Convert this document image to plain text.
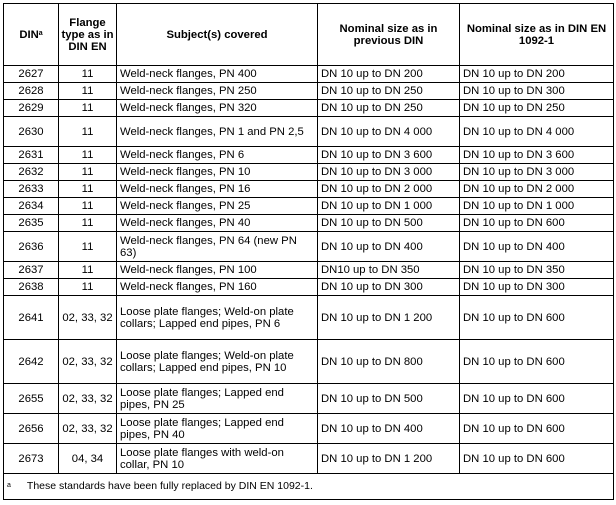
DIN$^a$	Flange type as in DIN EN	Subject(s) covered	Nominal size as in previous DIN	Nominal size as in DIN EN 1092-1
2627	11	Weld-neck flanges, PN 400	DN 10 up to DN 200	DN 10 up to DN 200
2628	11	Weld-neck flanges, PN 250	DN 10 up to DN 250	DN 10 up to DN 300
2629	11	Weld-neck flanges, PN 320	DN 10 up to DN 250	DN 10 up to DN 250
2630	11	Weld-neck flanges, PN 1 and PN 2,5	DN 10 up to DN 4 000	DN 10 up to DN 4 000
2631	11	Weld-neck flanges, PN 6	DN 10 up to DN 3 600	DN 10 up to DN 3 600
2632	11	Weld-neck flanges, PN 10	DN 10 up to DN 3 000	DN 10 up to DN 3 000
2633	11	Weld-neck flanges, PN 16	DN 10 up to DN 2 000	DN 10 up to DN 2 000
2634	11	Weld-neck flanges, PN 25	DN 10 up to DN 1 000	DN 10 up to DN 1 000
2635	11	Weld-neck flanges, PN 40	DN 10 up to DN 500	DN 10 up to DN 600
2636	11	Weld-neck flanges, PN 64 (new PN 63)	DN 10 up to DN 400	DN 10 up to DN 400
2637	11	Weld-neck flanges, PN 100	DN10 up to DN 350	DN 10 up to DN 350
2638	11	Weld-neck flanges, PN 160	DN 10 up to DN 300	DN 10 up to DN 300
2641	02, 33, 32	Loose plate flanges; Weld-on plate collars; Lapped end pipes, PN 6	DN 10 up to DN 1 200	DN 10 up to DN 600
2642	02, 33, 32	Loose plate flanges; Weld-on plate collars; Lapped end pipes, PN 10	DN 10 up to DN 800	DN 10 up to DN 600
2655	02, 33, 32	Loose plate flanges; Lapped end pipes, PN 25	DN 10 up to DN 500	DN 10 up to DN 600
2656	02, 33, 32	Loose plate flanges; Lapped end pipes, PN 40	DN 10 up to DN 400	DN 10 up to DN 600
2673	04, 34	Loose plate flanges with weld-on collar, PN 10	DN 10 up to DN 1 200	DN 10 up to DN 600
$^a$ These standards have been fully replaced by DIN EN 1092-1.				
